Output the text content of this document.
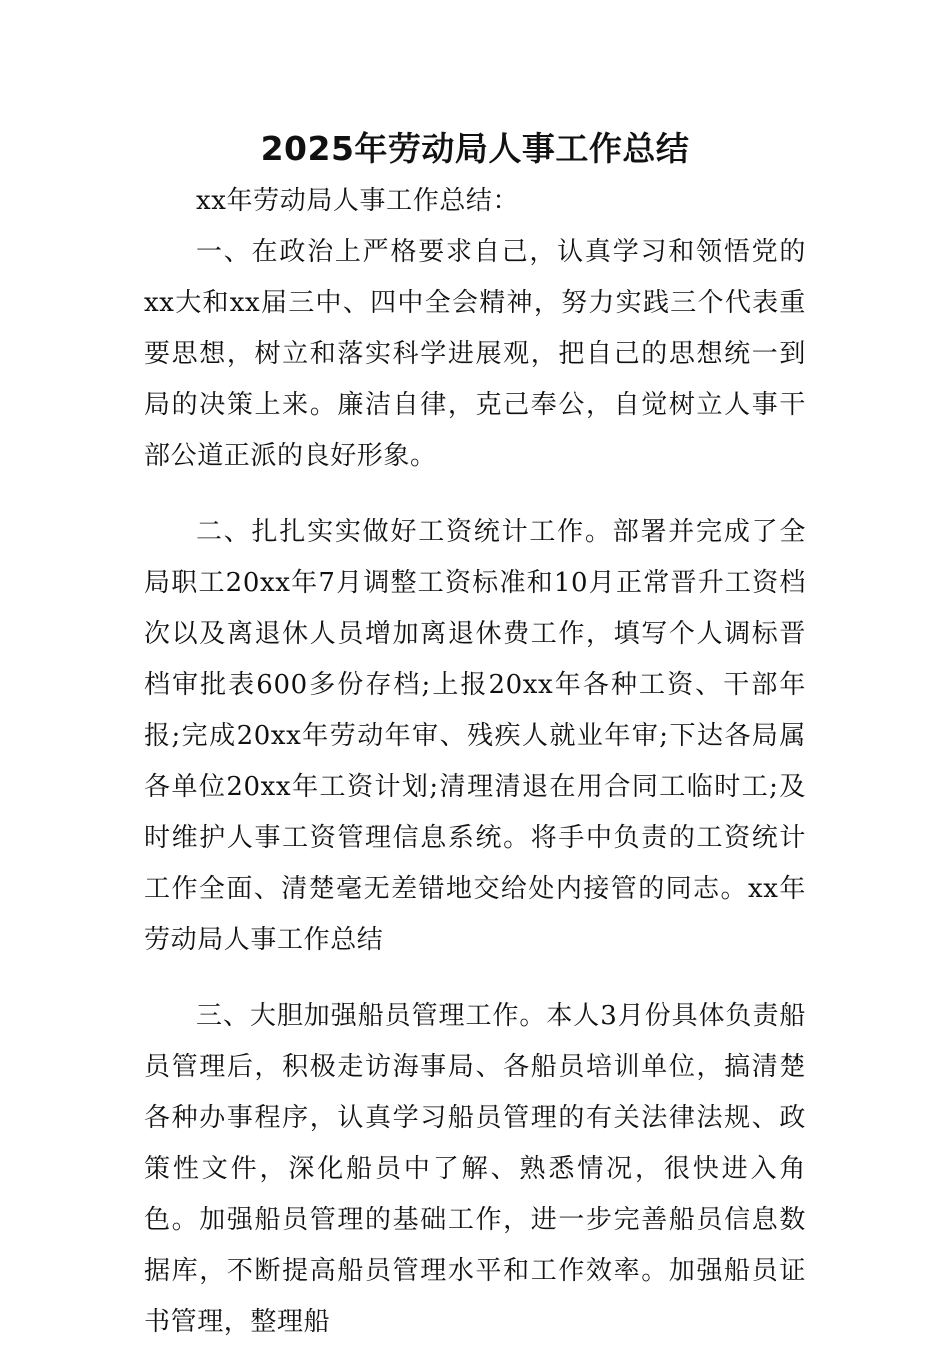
2025年劳动局人事工作总结

xx年劳动局人事工作总结：

一、在政治上严格要求自己，认真学习和领悟党的xx大和xx届三中、四中全会精神，努力实践三个代表重要思想，树立和落实科学进展观，把自己的思想统一到局的决策上来。廉洁自律，克己奉公，自觉树立人事干部公道正派的良好形象。

二、扎扎实实做好工资统计工作。部署并完成了全局职工20xx年7月调整工资标准和10月正常晋升工资档次以及离退休人员增加离退休费工作，填写个人调标晋档审批表600多份存档;上报20xx年各种工资、干部年报;完成20xx年劳动年审、残疾人就业年审;下达各局属各单位20xx年工资计划;清理清退在用合同工临时工;及时维护人事工资管理信息系统。将手中负责的工资统计工作全面、清楚毫无差错地交给处内接管的同志。xx年劳动局人事工作总结

三、大胆加强船员管理工作。本人3月份具体负责船员管理后，积极走访海事局、各船员培训单位，搞清楚各种办事程序，认真学习船员管理的有关法律法规、政策性文件，深化船员中了解、熟悉情况，很快进入角色。加强船员管理的基础工作，进一步完善船员信息数据库，不断提高船员管理水平和工作效率。加强船员证书管理，整理船
